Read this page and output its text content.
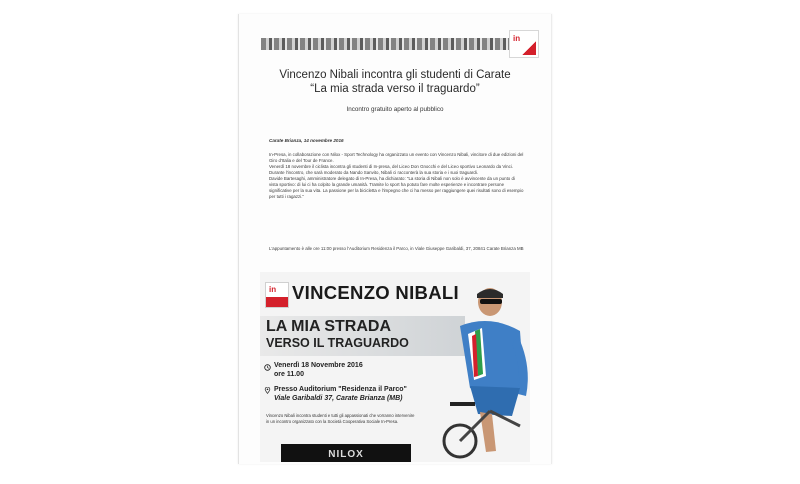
in
Vincenzo Nibali incontra gli studenti di Carate
“La mia strada verso il traguardo”
Incontro gratuito aperto al pubblico
Carate Brianza, 14 novembre 2016

In-Presa, in collaborazione con Nilox - Sport Technology ha organizzato un evento con Vincenzo Nibali, vincitore di due edizioni del Giro d'Italia e del Tour de France.

Venerdì 18 novembre il ciclista incontra gli studenti di In-presa, del Liceo Don Gnocchi e del Liceo sportivo Leonardo da Vinci.

Durante l'incontro, che sarà moderato da Nando Sanvito, Nibali ci racconterà la sua storia e i suoi traguardi.

Davide Bartesaghi, amministratore delegato di In-Presa, ha dichiarato: "La storia di Nibali non solo è avvincente da un punto di vista sportivo: di lui ci ha colpito la grande umanità. Tramite lo sport ha potuto fare molte esperienze e incontrare persone significative per la sua vita. La passione per la bicicletta e l'impegno che ci ha messo per raggiungere quei risultati sono di esempio per tutti i ragazzi."

L'appuntamento è alle ore 11:00 presso l'Auditorium Residenza il Parco, in Viale Giuseppe Garibaldi, 37, 20841 Carate Brianza MB
in VINCENZO NIBALI
LA MIA STRADA
VERSO IL TRAGUARDO
Venerdì 18 Novembre 2016
ore 11.00
Presso Auditorium "Residenza il Parco"
Viale Garibaldi 37, Carate Brianza (MB)
Vincenzo Nibali incontra studenti e tutti gli appassionati che vorranno intervenire in un incontro organizzato con la Società Cooperativa Sociale In-Presa.
NILOX
